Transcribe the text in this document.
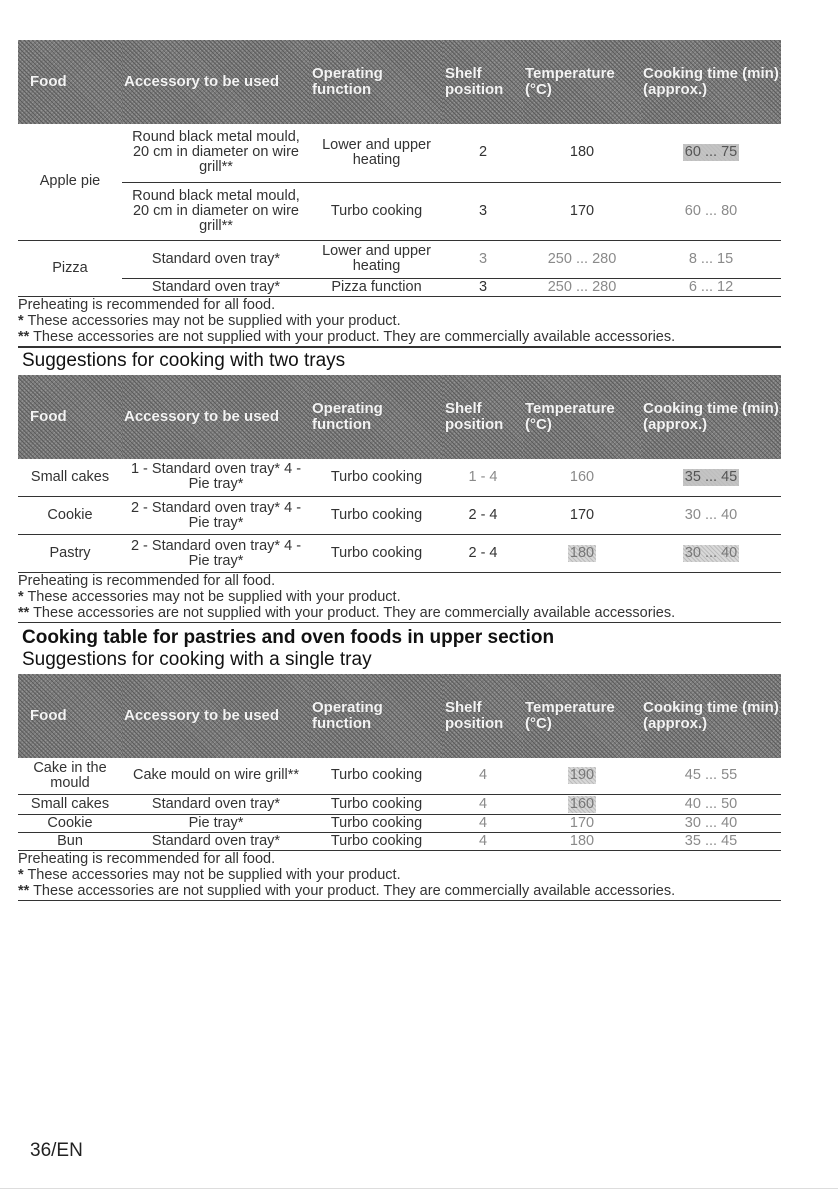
Food	Accessory to be used	Operating function	Shelf position	Temperature (°C)	Cooking time (min) (approx.)
Apple pie	Round black metal mould, 20 cm in diameter on wire grill**	Lower and upper heating	2	180	60 ... 75
	Round black metal mould, 20 cm in diameter on wire grill**	Turbo cooking	3	170	60 ... 80
Pizza	Standard oven tray*	Lower and upper heating	3	250 ... 280	8 ... 15
	Standard oven tray*	Pizza function	3	250 ... 280	6 ... 12
Preheating is recommended for all food.
* These accessories may not be supplied with your product.
** These accessories are not supplied with your product. They are commercially available accessories.
Suggestions for cooking with two trays
Food	Accessory to be used	Operating function	Shelf position	Temperature (°C)	Cooking time (min) (approx.)
Small cakes	1 - Standard oven tray* 4 - Pie tray*	Turbo cooking	1 - 4	160	35 ... 45
Cookie	2 - Standard oven tray* 4 - Pie tray*	Turbo cooking	2 - 4	170	30 ... 40
Pastry	2 - Standard oven tray* 4 - Pie tray*	Turbo cooking	2 - 4	180	30 ... 40
Preheating is recommended for all food.
* These accessories may not be supplied with your product.
** These accessories are not supplied with your product. They are commercially available accessories.
Cooking table for pastries and oven foods in upper section
Suggestions for cooking with a single tray
Food	Accessory to be used	Operating function	Shelf position	Temperature (°C)	Cooking time (min) (approx.)
Cake in the mould	Cake mould on wire grill**	Turbo cooking	4	190	45 ... 55
Small cakes	Standard oven tray*	Turbo cooking	4	160	40 ... 50
Cookie	Pie tray*	Turbo cooking	4	170	30 ... 40
Bun	Standard oven tray*	Turbo cooking	4	180	35 ... 45
Preheating is recommended for all food.
* These accessories may not be supplied with your product.
** These accessories are not supplied with your product. They are commercially available accessories.
36/EN
